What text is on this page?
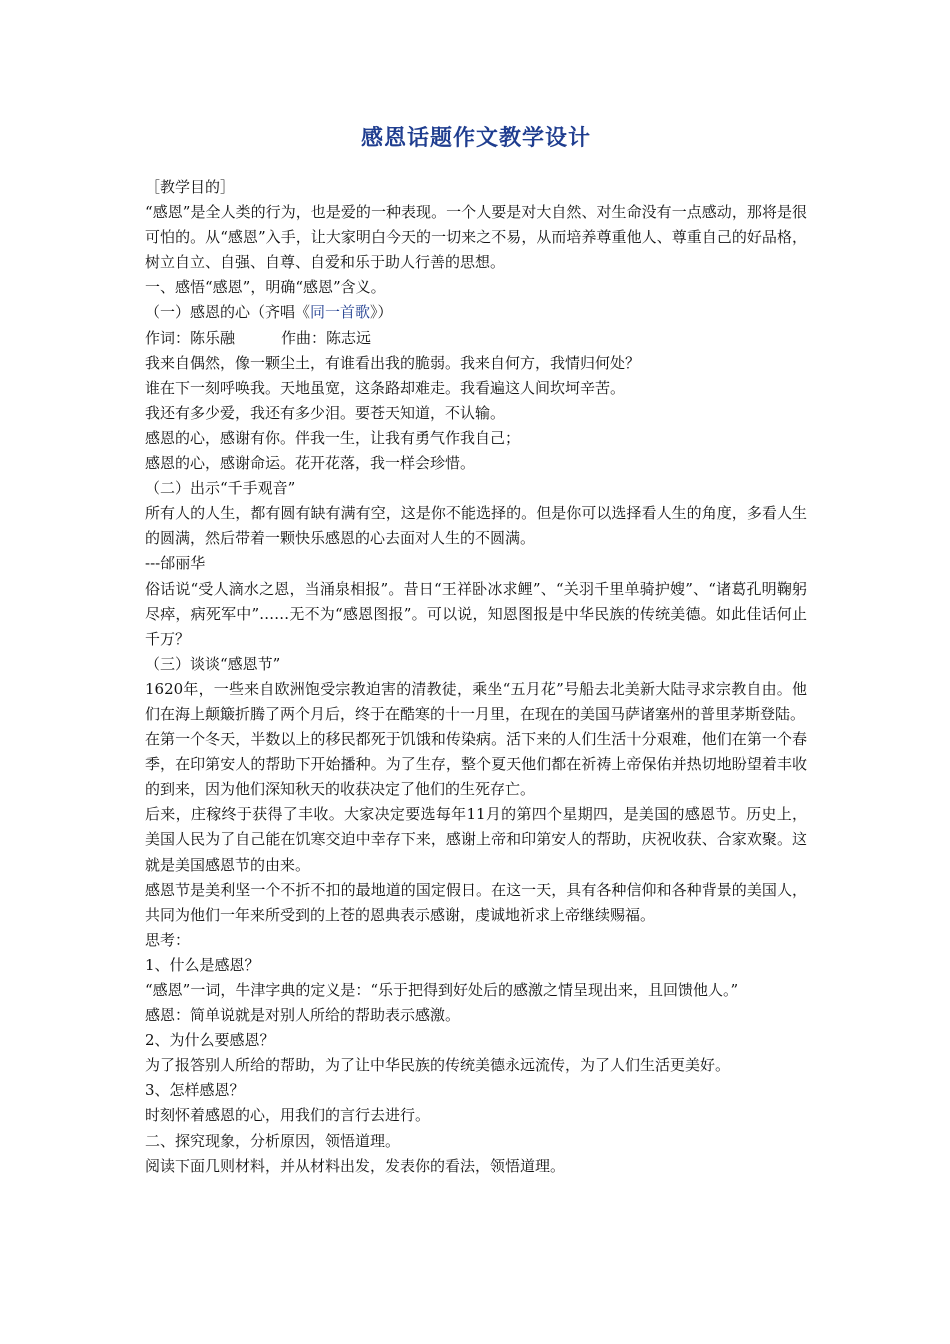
感恩话题作文教学设计

［教学目的］

“感恩”是全人类的行为，也是爱的一种表现。一个人要是对大自然、对生命没有一点感动，那将是很可怕的。从“感恩”入手，让大家明白今天的一切来之不易，从而培养尊重他人、尊重自己的好品格，树立自立、自强、自尊、自爱和乐于助人行善的思想。

一、感悟“感恩”，明确“感恩”含义。

（一）感恩的心（齐唱《同一首歌》）

作词：陈乐融	作曲：陈志远

我来自偶然，像一颗尘土，有谁看出我的脆弱。我来自何方，我情归何处？

谁在下一刻呼唤我。天地虽宽，这条路却难走。我看遍这人间坎坷辛苦。

我还有多少爱，我还有多少泪。要苍天知道，不认输。

感恩的心，感谢有你。伴我一生，让我有勇气作我自己；

感恩的心，感谢命运。花开花落，我一样会珍惜。

（二）出示“千手观音”

所有人的人生，都有圆有缺有满有空，这是你不能选择的。但是你可以选择看人生的角度，多看人生的圆满，然后带着一颗快乐感恩的心去面对人生的不圆满。

---邰丽华

俗话说“受人滴水之恩，当涌泉相报”。昔日“王祥卧冰求鲤”、“关羽千里单骑护嫂”、“诸葛孔明鞠躬尽瘁，病死军中”……无不为“感恩图报”。可以说，知恩图报是中华民族的传统美德。如此佳话何止千万？

（三）谈谈“感恩节”

1620年，一些来自欧洲饱受宗教迫害的清教徒，乘坐“五月花”号船去北美新大陆寻求宗教自由。他们在海上颠簸折腾了两个月后，终于在酷寒的十一月里，在现在的美国马萨诸塞州的普里茅斯登陆。

在第一个冬天，半数以上的移民都死于饥饿和传染病。活下来的人们生活十分艰难，他们在第一个春季，在印第安人的帮助下开始播种。为了生存，整个夏天他们都在祈祷上帝保佑并热切地盼望着丰收的到来，因为他们深知秋天的收获决定了他们的生死存亡。

后来，庄稼终于获得了丰收。大家决定要选每年11月的第四个星期四，是美国的感恩节。历史上，美国人民为了自己能在饥寒交迫中幸存下来，感谢上帝和印第安人的帮助，庆祝收获、合家欢聚。这就是美国感恩节的由来。

感恩节是美利坚一个不折不扣的最地道的国定假日。在这一天，具有各种信仰和各种背景的美国人，共同为他们一年来所受到的上苍的恩典表示感谢，虔诚地祈求上帝继续赐福。

思考：

1、什么是感恩？

“感恩”一词，牛津字典的定义是：“乐于把得到好处后的感激之情呈现出来，且回馈他人。”

感恩：简单说就是对别人所给的帮助表示感激。

2、为什么要感恩？

为了报答别人所给的帮助，为了让中华民族的传统美德永远流传，为了人们生活更美好。

3、怎样感恩？

时刻怀着感恩的心，用我们的言行去进行。

二、探究现象，分析原因，领悟道理。

阅读下面几则材料，并从材料出发，发表你的看法，领悟道理。
